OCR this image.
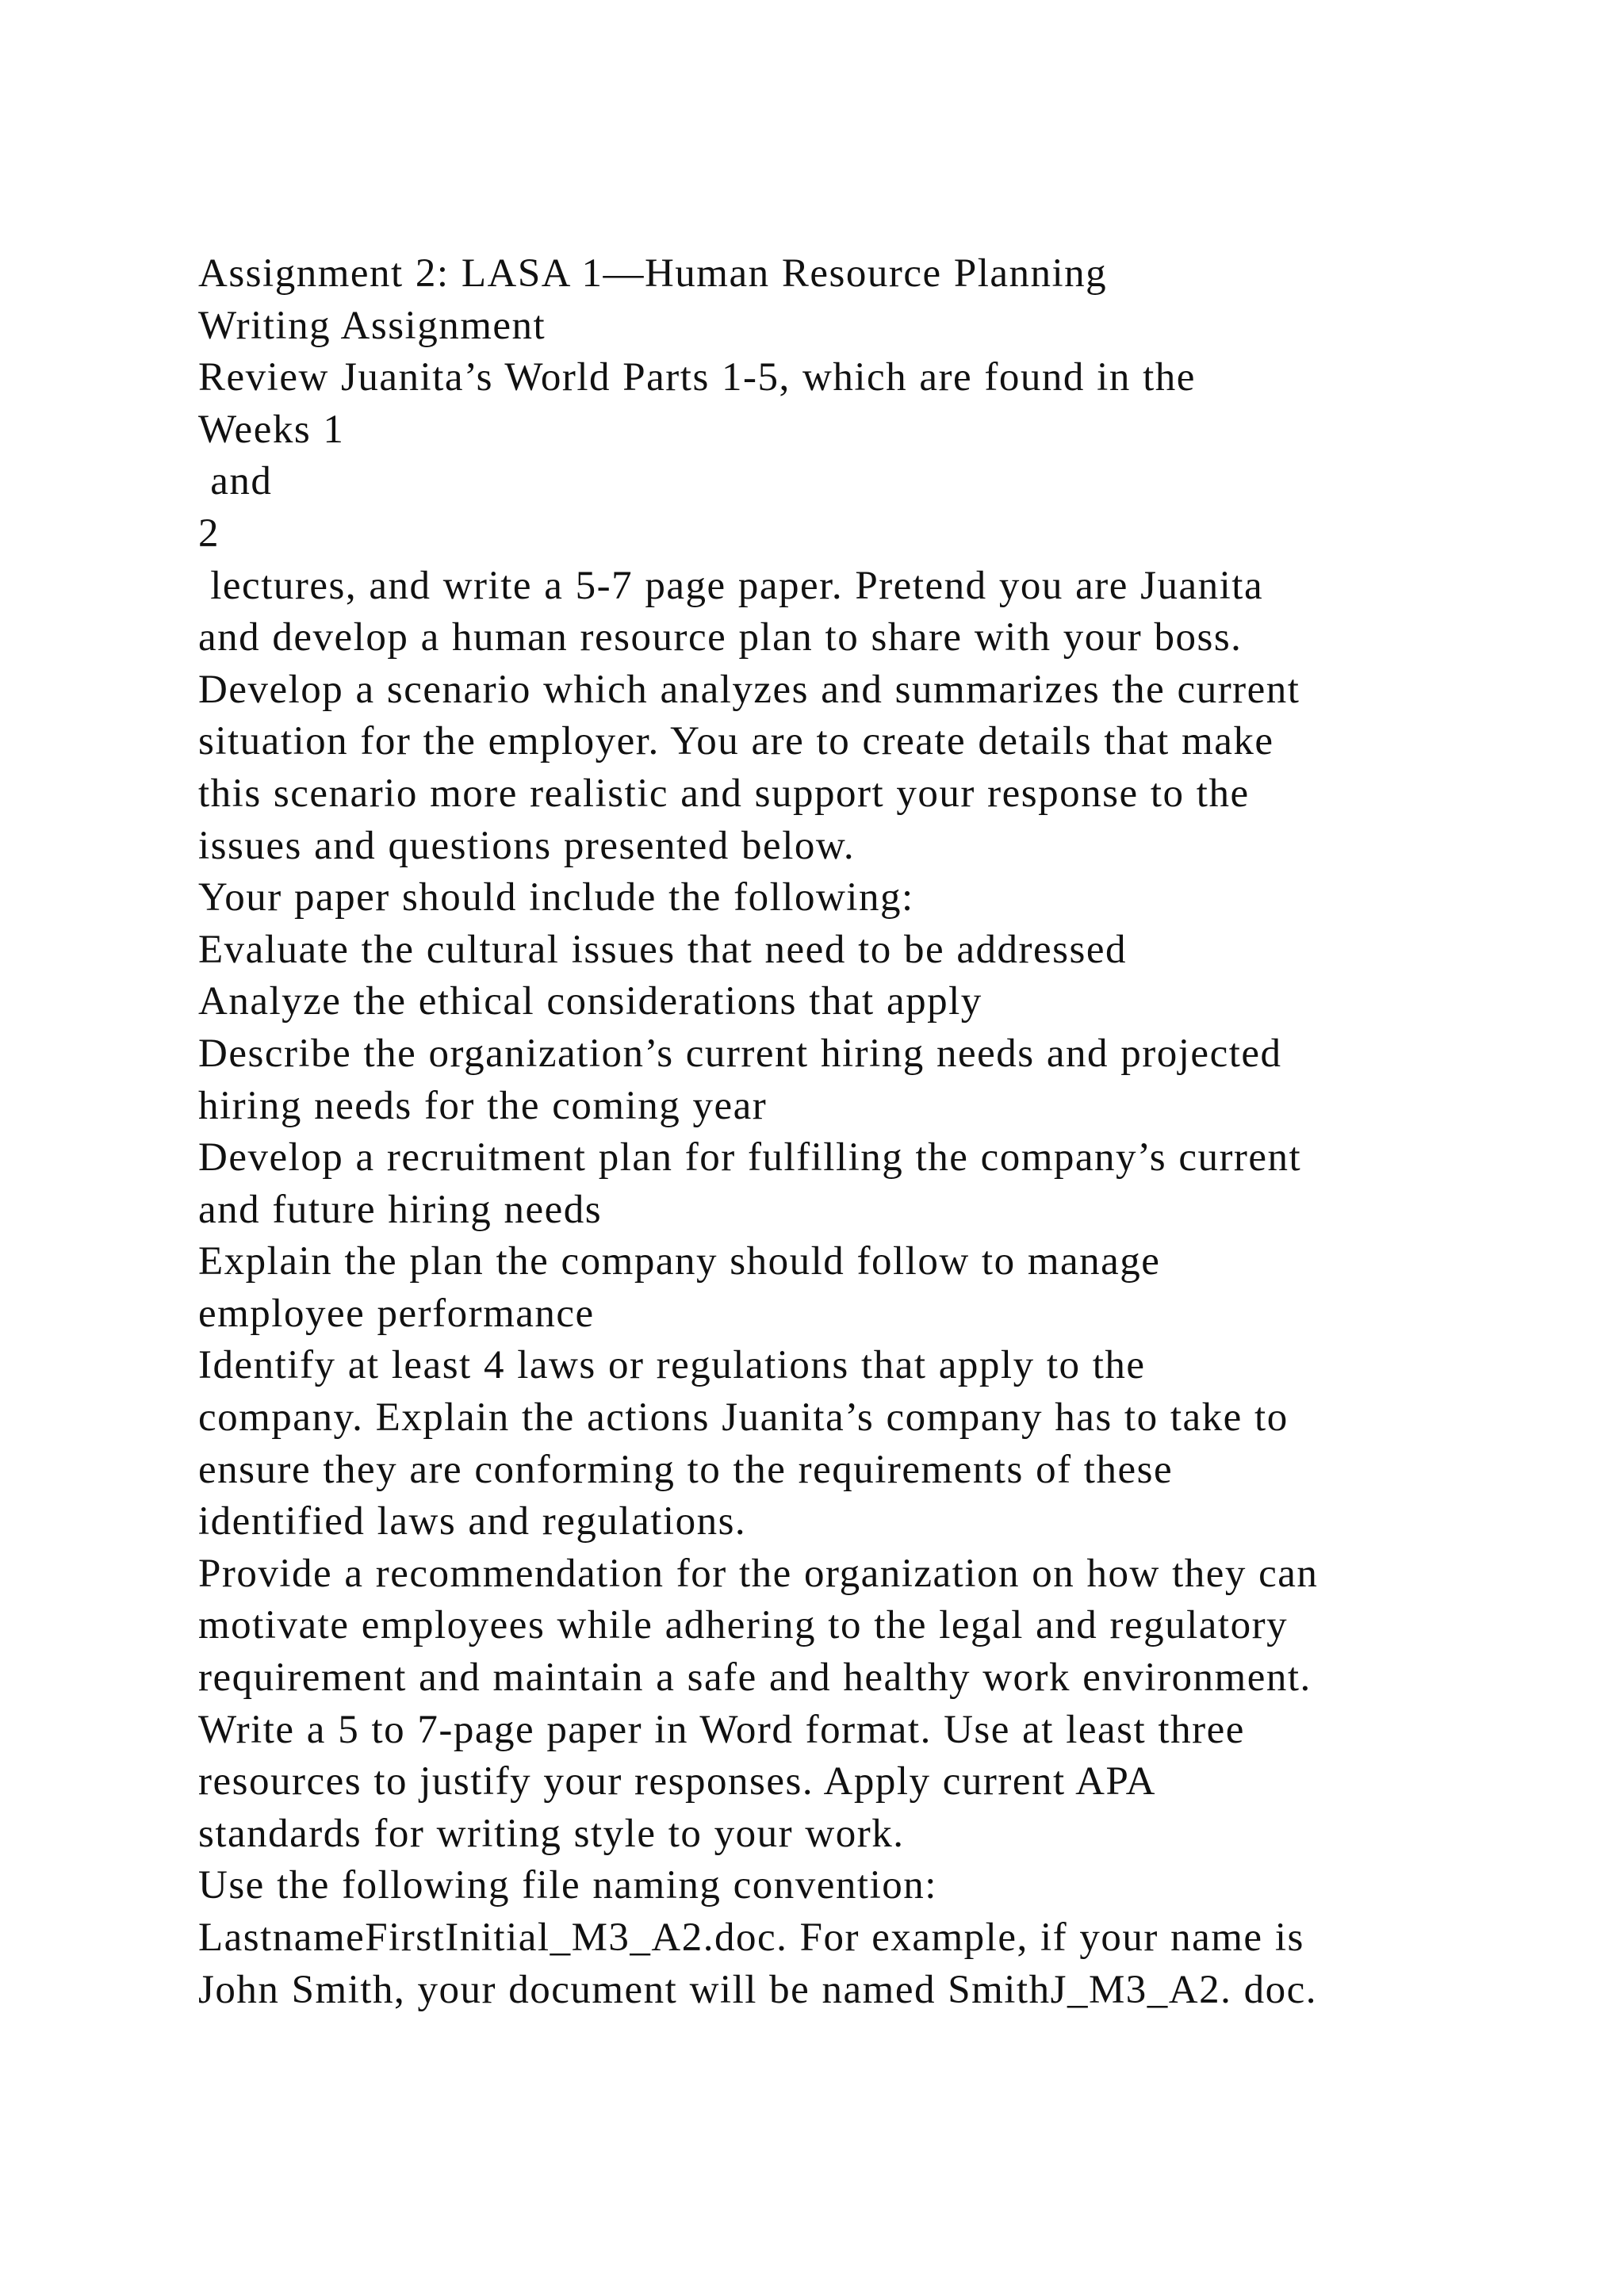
Assignment 2: LASA 1—Human Resource Planning
Writing Assignment
Review Juanita’s World Parts 1-5, which are found in the
Weeks 1
and
2
lectures, and write a 5-7 page paper. Pretend you are Juanita
and develop a human resource plan to share with your boss.
Develop a scenario which analyzes and summarizes the current
situation for the employer. You are to create details that make
this scenario more realistic and support your response to the
issues and questions presented below.
Your paper should include the following:
Evaluate the cultural issues that need to be addressed
Analyze the ethical considerations that apply
Describe the organization’s current hiring needs and projected
hiring needs for the coming year
Develop a recruitment plan for fulfilling the company’s current
and future hiring needs
Explain the plan the company should follow to manage
employee performance
Identify at least 4 laws or regulations that apply to the
company. Explain the actions Juanita’s company has to take to
ensure they are conforming to the requirements of these
identified laws and regulations.
Provide a recommendation for the organization on how they can
motivate employees while adhering to the legal and regulatory
requirement and maintain a safe and healthy work environment.
Write a 5 to 7-page paper in Word format. Use at least three
resources to justify your responses. Apply current APA
standards for writing style to your work.
Use the following file naming convention:
LastnameFirstInitial_M3_A2.doc. For example, if your name is
John Smith, your document will be named SmithJ_M3_A2. doc.
